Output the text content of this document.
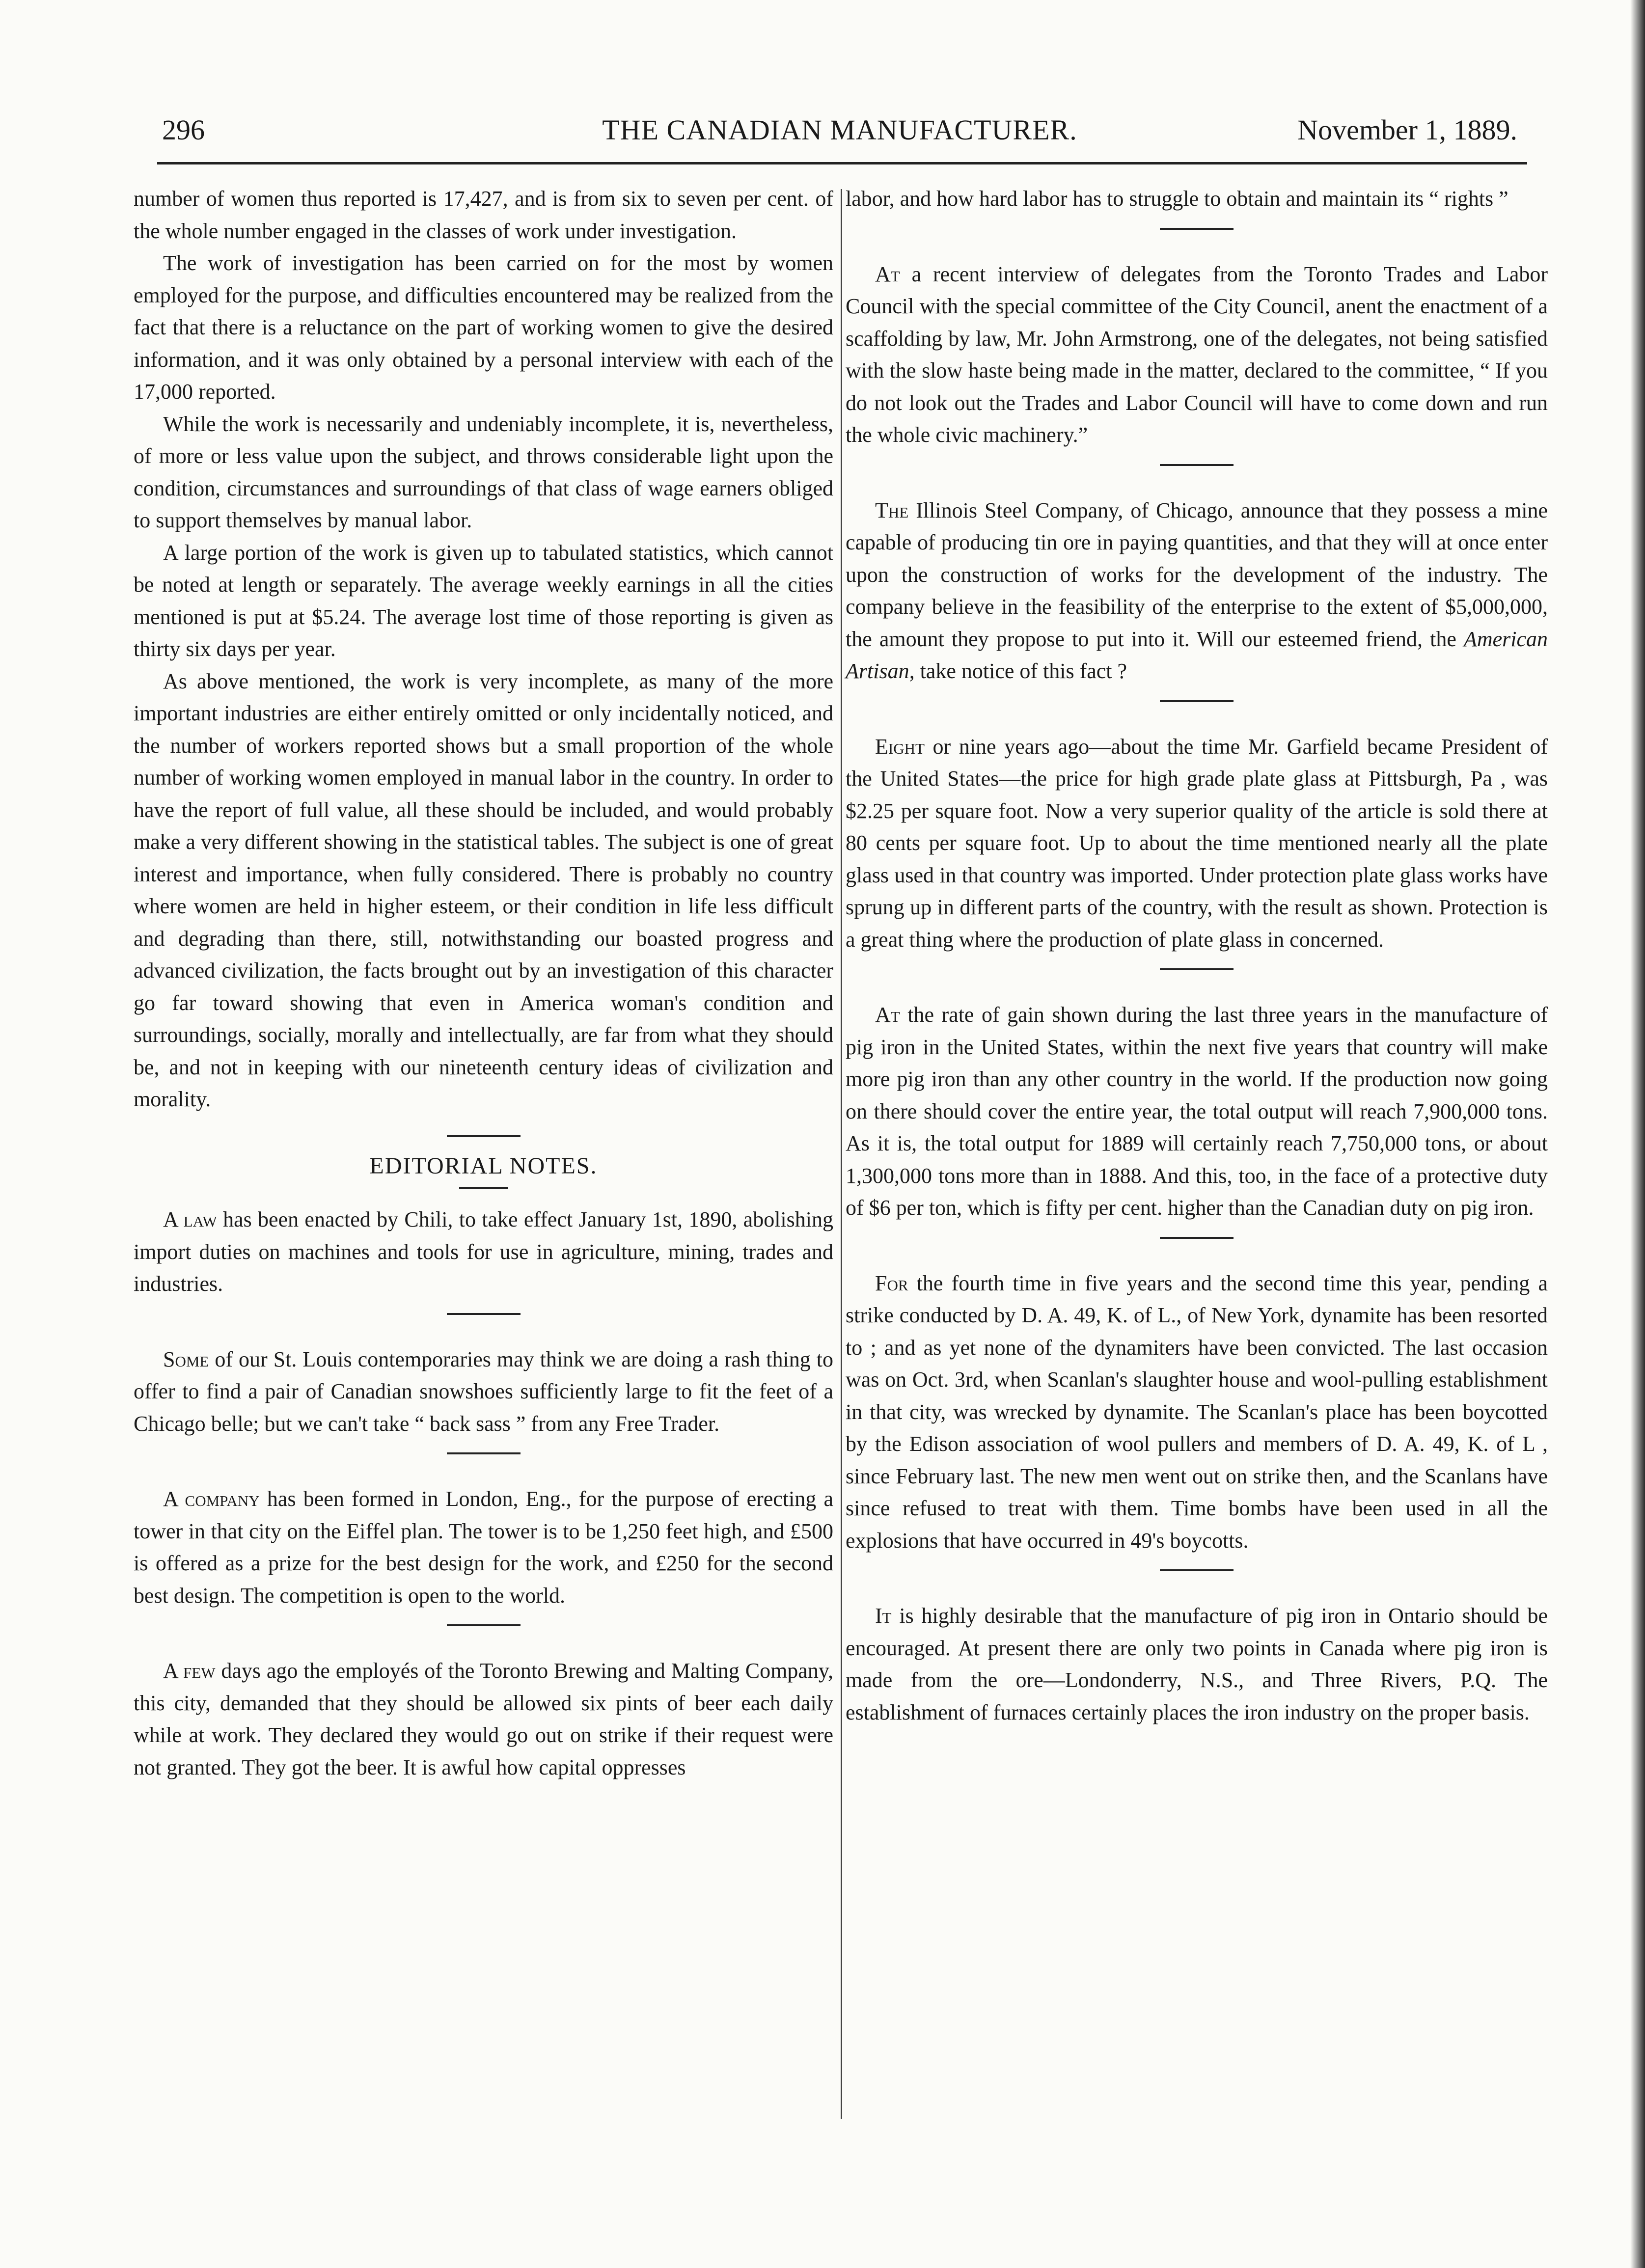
296	THE CANADIAN MANUFACTURER.	November 1, 1889.

number of women thus reported is 17,427, and is from six to seven per cent. of the whole number engaged in the classes of work under investigation.

The work of investigation has been carried on for the most by women employed for the purpose, and difficulties encountered may be realized from the fact that there is a reluctance on the part of working women to give the desired information, and it was only obtained by a personal interview with each of the 17,000 reported.

While the work is necessarily and undeniably incomplete, it is, nevertheless, of more or less value upon the subject, and throws considerable light upon the condition, circumstances and surroundings of that class of wage earners obliged to support themselves by manual labor.

A large portion of the work is given up to tabulated statistics, which cannot be noted at length or separately. The average weekly earnings in all the cities mentioned is put at $5.24. The average lost time of those reporting is given as thirty six days per year.

As above mentioned, the work is very incomplete, as many of the more important industries are either entirely omitted or only incidentally noticed, and the number of workers reported shows but a small proportion of the whole number of working women employed in manual labor in the country. In order to have the report of full value, all these should be included, and would probably make a very different showing in the statistical tables. The subject is one of great interest and importance, when fully considered. There is probably no country where women are held in higher esteem, or their condition in life less difficult and degrading than there, still, notwithstanding our boasted progress and advanced civilization, the facts brought out by an investigation of this character go far toward showing that even in America woman's condition and surroundings, socially, morally and intellectually, are far from what they should be, and not in keeping with our nineteenth century ideas of civilization and morality.

EDITORIAL NOTES.

A law has been enacted by Chili, to take effect January 1st, 1890, abolishing import duties on machines and tools for use in agriculture, mining, trades and industries.

Some of our St. Louis contemporaries may think we are doing a rash thing to offer to find a pair of Canadian snowshoes sufficiently large to fit the feet of a Chicago belle; but we can't take “ back sass ” from any Free Trader.

A company has been formed in London, Eng., for the purpose of erecting a tower in that city on the Eiffel plan. The tower is to be 1,250 feet high, and £500 is offered as a prize for the best design for the work, and £250 for the second best design. The competition is open to the world.

A few days ago the employés of the Toronto Brewing and Malting Company, this city, demanded that they should be allowed six pints of beer each daily while at work. They declared they would go out on strike if their request were not granted. They got the beer. It is awful how capital oppresses

labor, and how hard labor has to struggle to obtain and maintain its “ rights ”

At a recent interview of delegates from the Toronto Trades and Labor Council with the special committee of the City Council, anent the enactment of a scaffolding by law, Mr. John Armstrong, one of the delegates, not being satisfied with the slow haste being made in the matter, declared to the committee, “ If you do not look out the Trades and Labor Council will have to come down and run the whole civic machinery.”

The Illinois Steel Company, of Chicago, announce that they possess a mine capable of producing tin ore in paying quantities, and that they will at once enter upon the construction of works for the development of the industry. The company believe in the feasibility of the enterprise to the extent of $5,000,000, the amount they propose to put into it. Will our esteemed friend, the American Artisan, take notice of this fact ?

Eight or nine years ago—about the time Mr. Garfield became President of the United States—the price for high grade plate glass at Pittsburgh, Pa , was $2.25 per square foot. Now a very superior quality of the article is sold there at 80 cents per square foot. Up to about the time mentioned nearly all the plate glass used in that country was imported. Under protection plate glass works have sprung up in different parts of the country, with the result as shown. Protection is a great thing where the production of plate glass in concerned.

At the rate of gain shown during the last three years in the manufacture of pig iron in the United States, within the next five years that country will make more pig iron than any other country in the world. If the production now going on there should cover the entire year, the total output will reach 7,900,000 tons. As it is, the total output for 1889 will certainly reach 7,750,000 tons, or about 1,300,000 tons more than in 1888. And this, too, in the face of a protective duty of $6 per ton, which is fifty per cent. higher than the Canadian duty on pig iron.

For the fourth time in five years and the second time this year, pending a strike conducted by D. A. 49, K. of L., of New York, dynamite has been resorted to ; and as yet none of the dynamiters have been convicted. The last occasion was on Oct. 3rd, when Scanlan's slaughter house and wool-pulling establishment in that city, was wrecked by dynamite. The Scanlan's place has been boycotted by the Edison association of wool pullers and members of D. A. 49, K. of L , since February last. The new men went out on strike then, and the Scanlans have since refused to treat with them. Time bombs have been used in all the explosions that have occurred in 49's boycotts.

It is highly desirable that the manufacture of pig iron in Ontario should be encouraged. At present there are only two points in Canada where pig iron is made from the ore—Londonderry, N.S., and Three Rivers, P.Q. The establishment of furnaces certainly places the iron industry on the proper basis.
